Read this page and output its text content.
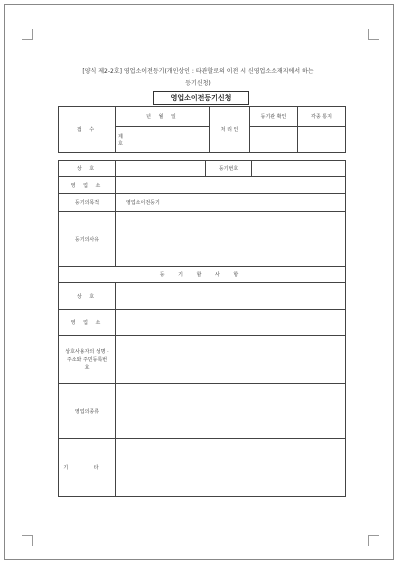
[양식 제2-2호] 영업소이전등기(개인상인 : 타관할로의 이전 시 신영업소소재지에서 하는
등기신청)
영업소이전등기신청
접 수	년 월 일	처 리 인	등기관 확인	각종 통지
	제 호			
상 호		등기번호	
영 업 소			
등기의목적	영업소이전등기		
등기의사유			
등 기 할 사 항			
상 호			
영 업 소			
상호사용자의 성명 · 주소와 주민등록번호			
영업의종류			
기 타			
